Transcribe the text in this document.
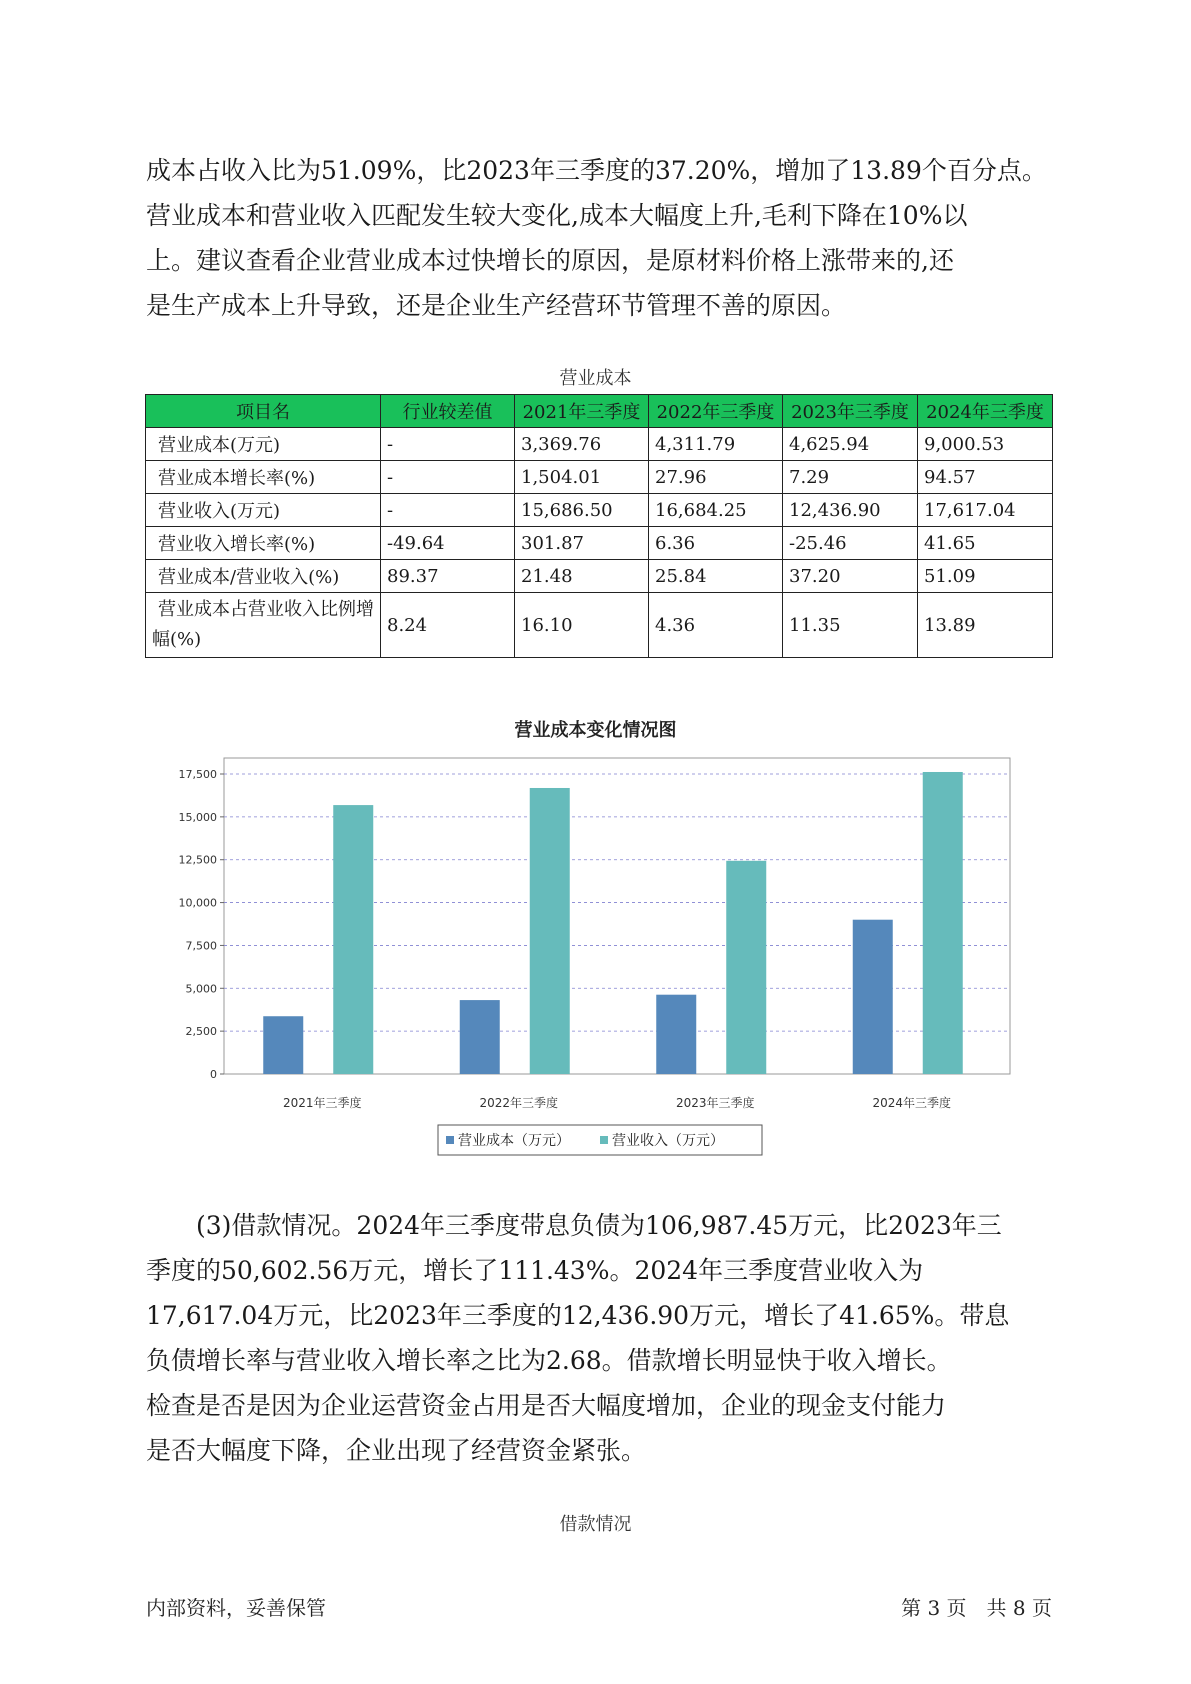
成本占收入比为51.09%，比2023年三季度的37.20%，增加了13.89个百分点。
营业成本和营业收入匹配发生较大变化,成本大幅度上升,毛利下降在10%以
上。建议查看企业营业成本过快增长的原因，是原材料价格上涨带来的,还
是生产成本上升导致，还是企业生产经营环节管理不善的原因。

营业成本

项目名	行业较差值	2021年三季度	2022年三季度	2023年三季度	2024年三季度
营业成本(万元)	-	3,369.76	4,311.79	4,625.94	9,000.53
营业成本增长率(%)	-	1,504.01	27.96	7.29	94.57
营业收入(万元)	-	15,686.50	16,684.25	12,436.90	17,617.04
营业收入增长率(%)	-49.64	301.87	6.36	-25.46	41.65
营业成本/营业收入(%)	89.37	21.48	25.84	37.20	51.09
营业成本占营业收入比例增幅(%)	8.24	16.10	4.36	11.35	13.89
营业成本变化情况图
0
2,500
5,000
7,500
10,000
12,500
15,000
17,500
2021年三季度	2022年三季度	2023年三季度	2024年三季度
营业成本（万元）	营业收入（万元）

(3)借款情况。2024年三季度带息负债为106,987.45万元，比2023年三
季度的50,602.56万元，增长了111.43%。2024年三季度营业收入为
17,617.04万元，比2023年三季度的12,436.90万元，增长了41.65%。带息
负债增长率与营业收入增长率之比为2.68。借款增长明显快于收入增长。
检查是否是因为企业运营资金占用是否大幅度增加，企业的现金支付能力
是否大幅度下降，企业出现了经营资金紧张。

借款情况

内部资料，妥善保管	第 3 页　共 8 页
